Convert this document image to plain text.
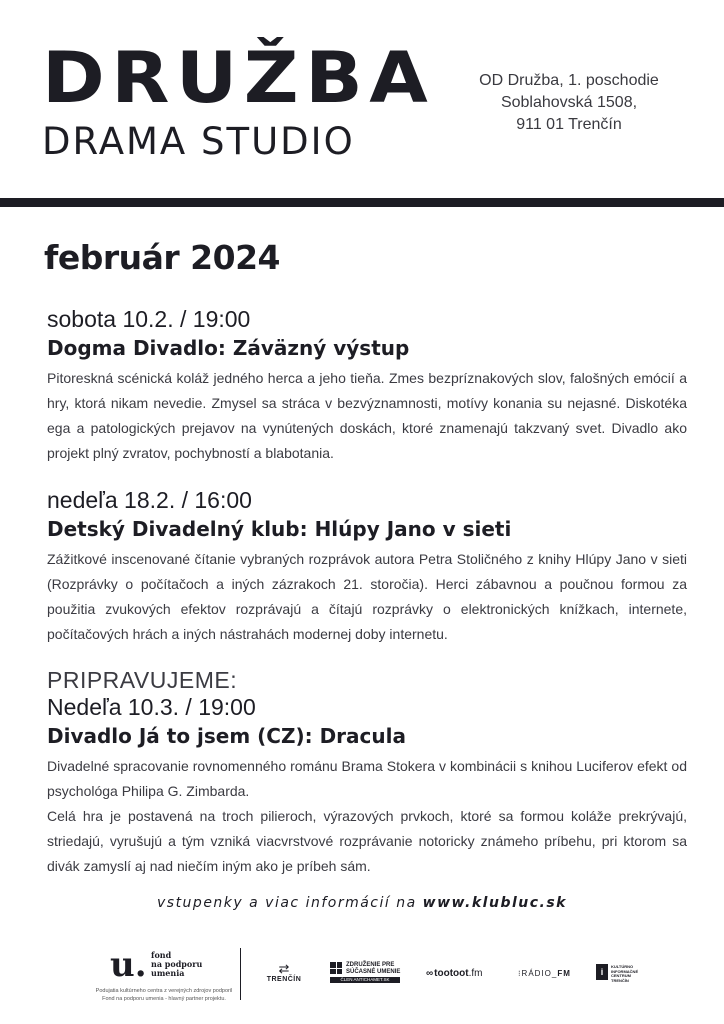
DRUŽBA
DRAMA STUDIO
OD Družba, 1. poschodie
Soblahovská 1508,
911 01 Trenčín
február 2024
sobota 10.2. / 19:00
Dogma Divadlo: Záväzný výstup
Pitoreskná scénická koláž jedného herca a jeho tieňa. Zmes bezpríznakových slov, falošných emócií a hry, ktorá nikam nevedie. Zmysel sa stráca v bezvýznamnosti, motívy konania su nejasné. Diskotéka ega a patologických prejavov na vynútených doskách, ktoré znamenajú takzvaný svet. Divadlo ako projekt plný zvratov, pochybností a blabotania.
nedeľa 18.2. / 16:00
Detský Divadelný klub: Hlúpy Jano v sieti
Zážitkové inscenované čítanie vybraných rozprávok autora Petra Stoličného z knihy Hlúpy Jano v sieti (Rozprávky o počítačoch a iných zázrakoch 21. storočia). Herci zábavnou a poučnou formou za použitia zvukových efektov rozprávajú a čítajú rozprávky o elektronických knížkach, internete, počítačových hrách a iných nástrahách modernej doby internetu.
PRIPRAVUJEME:
Nedeľa 10.3. / 19:00
Divadlo Já to jsem (CZ): Dracula
Divadelné spracovanie rovnomenného románu Brama Stokera v kombinácii s knihou Luciferov efekt od psychológa Philipa G. Zimbarda.
Celá hra je postavená na troch pilieroch, výrazových prvkoch, ktoré sa formou koláže prekrývajú, striedajú, vyrušujú a tým vzniká viacvrstvové rozprávanie notoricky známeho príbehu, pri ktorom sa divák zamyslí aj nad niečím iným ako je príbeh sám.
vstupenky a viac informácií na www.klubluc.sk
u. fond
na podporu
umenia
Podujatia kultúrneho centra z verejných zdrojov podporil
Fond na podporu umenia - hlavný partner projektu.
⇄
TRENČÍN
ZDRUŽENIE PRE
SÚČASNÉ UMENIE
ČLEN ANTICHAMET.SK
∞tootoot.fm	⁝RÁDIO_FM	i
KULTÚRNO
INFORMAČNÉ
CENTRUM
TRENČÍN
